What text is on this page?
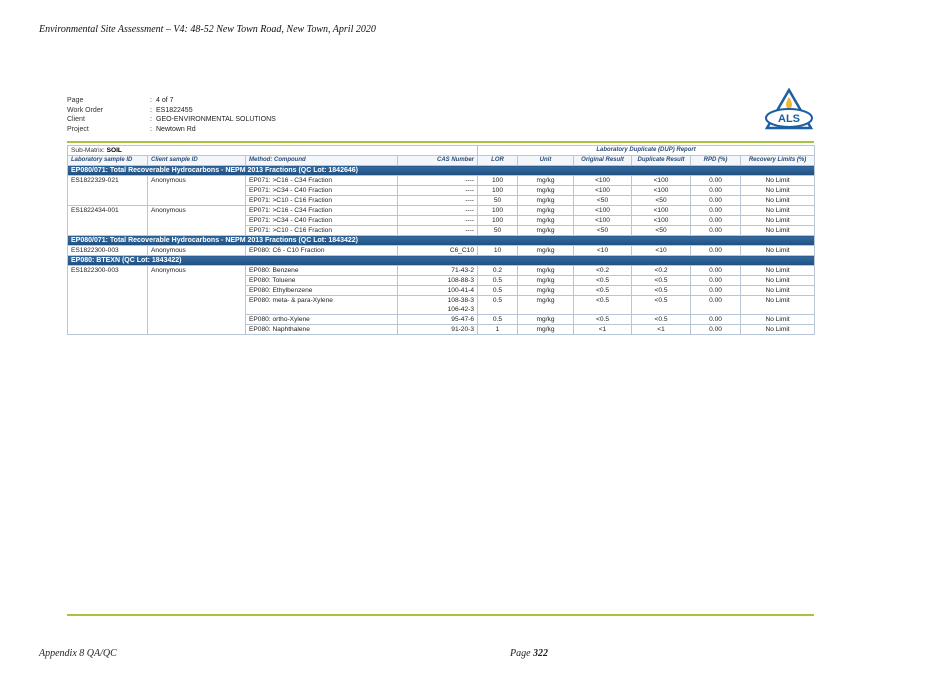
Environmental Site Assessment – V4: 48-52 New Town Road, New Town, April 2020
Page	: 4 of 7
Work Order	: ES1822455
Client	: GEO-ENVIRONMENTAL SOLUTIONS
Project	: Newtown Rd
ALS
Sub-Matrix: SOIL				Laboratory Duplicate (DUP) Report					
Laboratory sample ID	Client sample ID	Method: Compound	CAS Number	LOR	Unit	Original Result	Duplicate Result	RPD (%)	Recovery Limits (%)
EP080/071: Total Recoverable Hydrocarbons - NEPM 2013 Fractions (QC Lot: 1842646)									
ES1822329-021	Anonymous	EP071: >C16 - C34 Fraction	----	100	mg/kg	<100	<100	0.00	No Limit
		EP071: >C34 - C40 Fraction	----	100	mg/kg	<100	<100	0.00	No Limit
		EP071: >C10 - C16 Fraction	----	50	mg/kg	<50	<50	0.00	No Limit
ES1822434-001	Anonymous	EP071: >C16 - C34 Fraction	----	100	mg/kg	<100	<100	0.00	No Limit
		EP071: >C34 - C40 Fraction	----	100	mg/kg	<100	<100	0.00	No Limit
		EP071: >C10 - C16 Fraction	----	50	mg/kg	<50	<50	0.00	No Limit
EP080/071: Total Recoverable Hydrocarbons - NEPM 2013 Fractions (QC Lot: 1843422)									
ES1822300-003	Anonymous	EP080: C6 - C10 Fraction	C6_C10	10	mg/kg	<10	<10	0.00	No Limit
EP080: BTEXN (QC Lot: 1843422)									
ES1822300-003	Anonymous	EP080: Benzene	71-43-2	0.2	mg/kg	<0.2	<0.2	0.00	No Limit
		EP080: Toluene	108-88-3	0.5	mg/kg	<0.5	<0.5	0.00	No Limit
		EP080: Ethylbenzene	100-41-4	0.5	mg/kg	<0.5	<0.5	0.00	No Limit
		EP080: meta- & para-Xylene	108-38-3
106-42-3	0.5	mg/kg	<0.5	<0.5	0.00	No Limit
		EP080: ortho-Xylene	95-47-6	0.5	mg/kg	<0.5	<0.5	0.00	No Limit
		EP080: Naphthalene	91-20-3	1	mg/kg	<1	<1	0.00	No Limit
Appendix 8 QA/QC	Page 322
